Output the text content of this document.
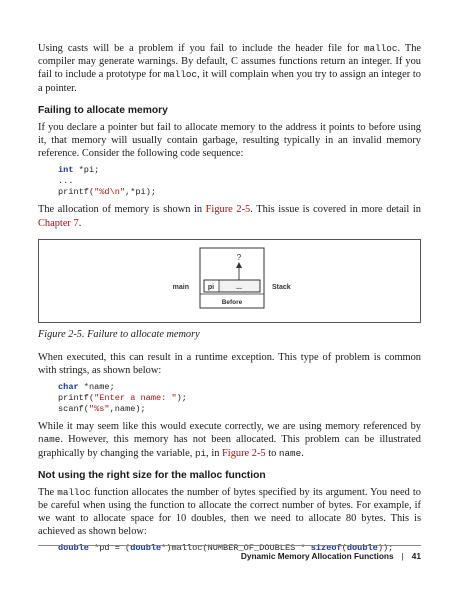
Using casts will be a problem if you fail to include the header file for malloc. The compiler may generate warnings. By default, C assumes functions return an integer. If you fail to include a prototype for malloc, it will complain when you try to assign an integer to a pointer.

Failing to allocate memory

If you declare a pointer but fail to allocate memory to the address it points to before using it, that memory will usually contain garbage, resulting typically in an invalid memory reference. Consider the following code sequence:

int *pi;
...
printf("%d\n",*pi);

The allocation of memory is shown in Figure 2-5. This issue is covered in more detail in Chapter 7.

?
main	pi	...	Stack
Before
Figure 2-5. Failure to allocate memory

When executed, this can result in a runtime exception. This type of problem is common with strings, as shown below:

char *name;
printf("Enter a name: ");
scanf("%s",name);

While it may seem like this would execute correctly, we are using memory referenced by name. However, this memory has not been allocated. This problem can be illustrated graphically by changing the variable, pi, in Figure 2-5 to name.

Not using the right size for the malloc function

The malloc function allocates the number of bytes specified by its argument. You need to be careful when using the function to allocate the correct number of bytes. For example, if we want to allocate space for 10 doubles, then we need to allocate 80 bytes. This is achieved as shown below:

double *pd = (double*)malloc(NUMBER_OF_DOUBLES * sizeof(double));
Dynamic Memory Allocation Functions | 41
